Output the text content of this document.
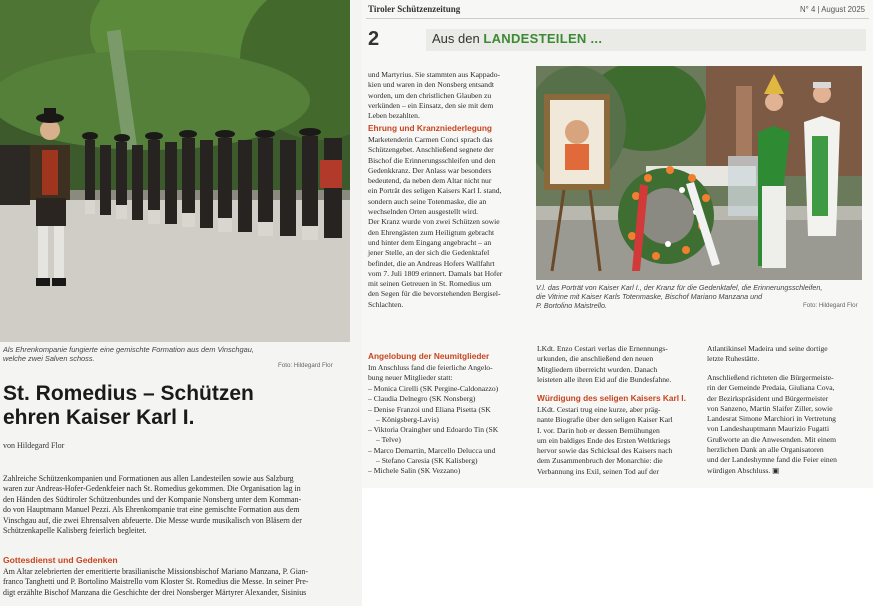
Als Ehrenkompanie fungierte eine gemischte Formation aus dem Vinschgau,
welche zwei Salven schoss.
Foto: Hildegard Flor
St. Romedius – Schützen
ehren Kaiser Karl I.
von Hildegard Flor
Zahlreiche Schützenkompanien und Formationen aus allen Landesteilen sowie aus Salzburg
waren zur Andreas-Hofer-Gedenkfeier nach St. Romedius gekommen. Die Organisation lag in
den Händen des Südtiroler Schützenbundes und der Kompanie Nonsberg unter dem Komman-
do von Hauptmann Manuel Pezzi. Als Ehrenkompanie trat eine gemischte Formation aus dem
Vinschgau auf, die zwei Ehrensalven abfeuerte. Die Messe wurde musikalisch von Bläsern der
Schützenkapelle Kalisberg feierlich begleitet.
Gottesdienst und Gedenken
Am Altar zelebrierten der emeritierte brasilianische Missionsbischof Mariano Manzana, P. Gian-
franco Tanghetti und P. Bortolino Maistrello vom Kloster St. Romedius die Messe. In seiner Pre-
digt erzählte Bischof Manzana die Geschichte der drei Nonsberger Märtyrer Alexander, Sisinius
Tiroler Schützenzeitung	N° 4 | August 2025
2	Aus den LANDESTEILEN ...
und Martyrius. Sie stammten aus Kappado-
kien und waren in den Nonsberg entsandt
worden, um den christlichen Glauben zu
verkünden – ein Einsatz, den sie mit dem
Leben bezahlten.
Ehrung und Kranzniederlegung
Marketenderin Carmen Conci sprach das
Schützengebet. Anschließend segnete der
Bischof die Erinnerungsschleifen und den
Gedenkkranz. Der Anlass war besonders
bedeutend, da neben dem Altar nicht nur
ein Porträt des seligen Kaisers Karl I. stand,
sondern auch seine Totenmaske, die an
wechselnden Orten ausgestellt wird.
Der Kranz wurde von zwei Schützen sowie
den Ehrengästen zum Heiligtum gebracht
und hinter dem Eingang angebracht – an
jener Stelle, an der sich die Gedenktafel
befindet, die an Andreas Hofers Wallfahrt
vom 7. Juli 1809 erinnert. Damals bat Hofer
mit seinen Getreuen in St. Romedius um
den Segen für die bevorstehenden Bergisel-
Schlachten.
Angelobung der Neumitglieder
Im Anschluss fand die feierliche Angelo-
bung neuer Mitglieder statt:
– Monica Cirelli (SK Pergine-Caldonazzo)
– Claudia Delnegro (SK Nonsberg)
– Denise Franzoi und Eliana Pisetta (SK
– Königsberg-Lavis)
– Viktoria Oraingher und Edoardo Tin (SK
– Telve)
– Marco Demartin, Marcello Delucca und
– Stefano Caresia (SK Kalisberg)
– Michele Salin (SK Vezzano)
V.l. das Porträt von Kaiser Karl I., der Kranz für die Gedenktafel, die Erinnerungsschleifen,
die Vitrine mit Kaiser Karls Totenmaske, Bischof Mariano Manzana und
P. Bortolino Maistrello.	Foto: Hildegard Flor
LKdt. Enzo Cestari verlas die Ernennungs-
urkunden, die anschließend den neuen
Mitgliedern überreicht wurden. Danach
leisteten alle ihren Eid auf die Bundesfahne.
Würdigung des seligen Kaisers Karl I.
LKdt. Cestari trug eine kurze, aber präg-
nante Biografie über den seligen Kaiser Karl
I. vor. Darin hob er dessen Bemühungen
um ein baldiges Ende des Ersten Weltkriegs
hervor sowie das Schicksal des Kaisers nach
dem Zusammenbruch der Monarchie: die
Verbannung ins Exil, seinen Tod auf der
Atlantikinsel Madeira und seine dortige
letzte Ruhestätte.
Anschließend richteten die Bürgermeiste-
rin der Gemeinde Predaia, Giuliana Cova,
der Bezirkspräsident und Bürgermeister
von Sanzeno, Martin Slaifer Ziller, sowie
Landesrat Simone Marchiori in Vertretung
von Landeshauptmann Maurizio Fugatti
Grußworte an die Anwesenden. Mit einem
herzlichen Dank an alle Organisatoren
und der Landeshymne fand die Feier einen
würdigen Abschluss. ▣
